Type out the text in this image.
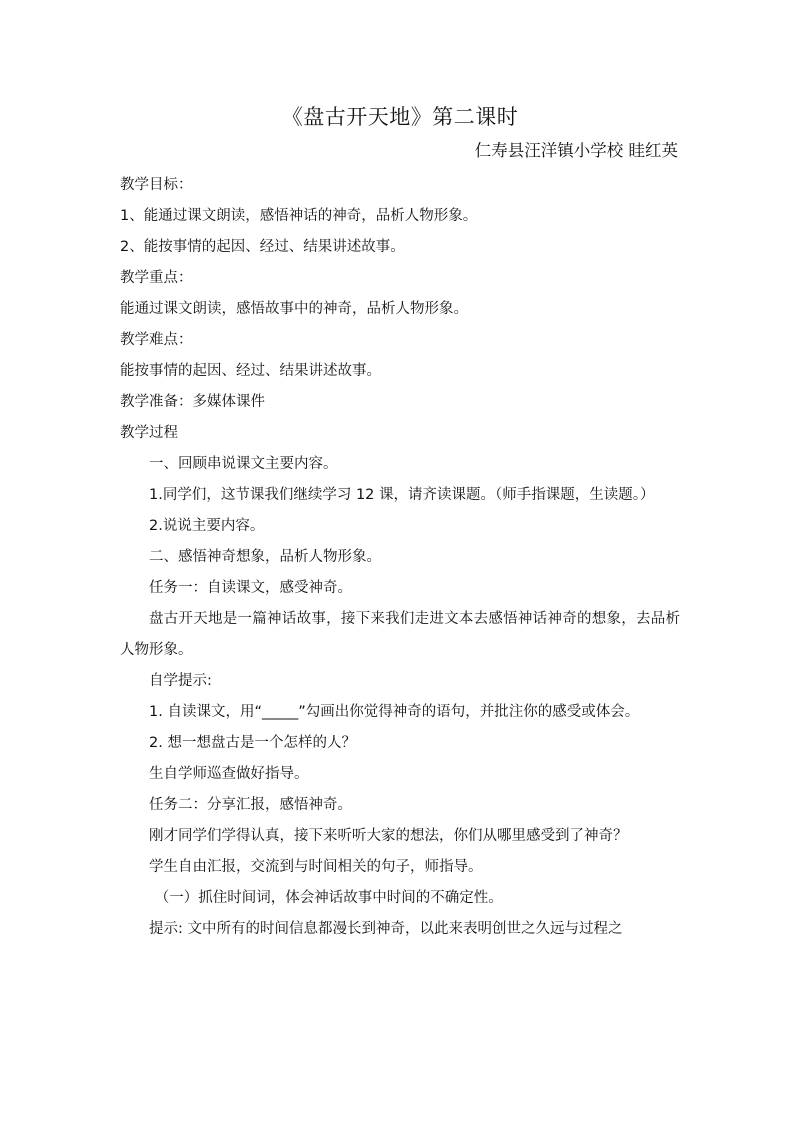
《盘古开天地》第二课时
仁寿县汪洋镇小学校 眭红英

教学目标：

1、能通过课文朗读，感悟神话的神奇，品析人物形象。

2、能按事情的起因、经过、结果讲述故事。

教学重点：

能通过课文朗读，感悟故事中的神奇，品析人物形象。

教学难点：

能按事情的起因、经过、结果讲述故事。

教学准备：多媒体课件

教学过程

一、回顾串说课文主要内容。

1.同学们，这节课我们继续学习 12 课，请齐读课题。（师手指课题，生读题。）

2.说说主要内容。

二、感悟神奇想象，品析人物形象。

任务一：自读课文，感受神奇。

盘古开天地是一篇神话故事，接下来我们走进文本去感悟神话神奇的想象，去品析人物形象。

自学提示:

1. 自读课文，用“_____”勾画出你觉得神奇的语句，并批注你的感受或体会。

2. 想一想盘古是一个怎样的人？

生自学师巡查做好指导。

任务二：分享汇报，感悟神奇。

刚才同学们学得认真，接下来听听大家的想法，你们从哪里感受到了神奇？

学生自由汇报，交流到与时间相关的句子，师指导。

（一）抓住时间词，体会神话故事中时间的不确定性。

提示: 文中所有的时间信息都漫长到神奇，以此来表明创世之久远与过程之
